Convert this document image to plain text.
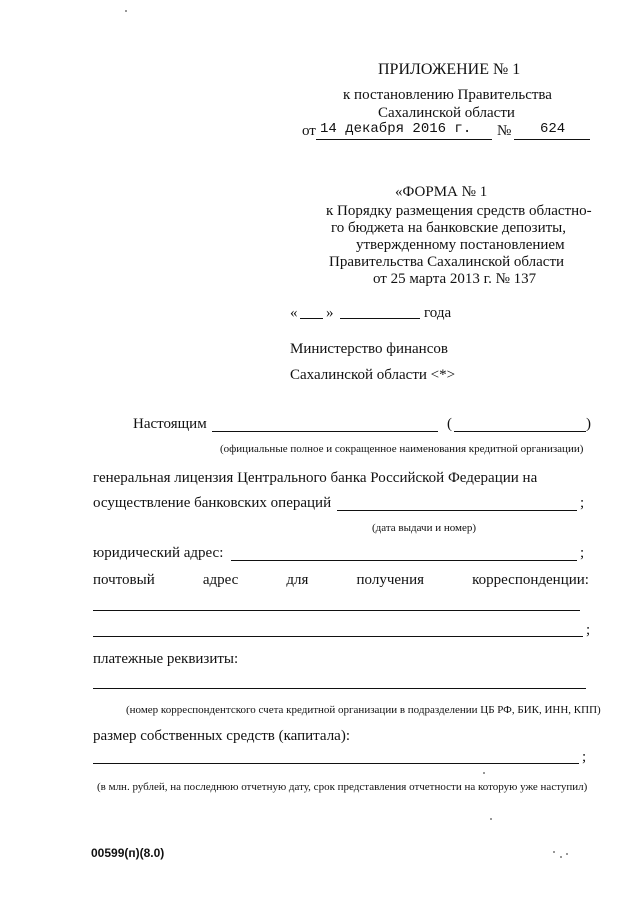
ПРИЛОЖЕНИЕ № 1
к постановлению Правительства
Сахалинской области
от 14 декабря 2016 г. № 624
«ФОРМА № 1
к Порядку размещения средств областно-
го бюджета на банковские депозиты,
утвержденному постановлением
Правительства Сахалинской области
от 25 марта 2013 г. № 137
« »	года
Министерство финансов
Сахалинской области <*>
Настоящим	(	)
(официальные полное и сокращенное наименования кредитной организации)
генеральная лицензия Центрального банка Российской Федерации на
осуществление банковских операций	;
(дата выдачи и номер)
юридический адрес:	;
почтовый	адрес	для	получения	корреспонденции:
;
платежные реквизиты:
(номер корреспондентского счета кредитной организации в подразделении ЦБ РФ, БИК, ИНН, КПП)
размер собственных средств (капитала):
;
(в млн. рублей, на последнюю отчетную дату, срок представления отчетности на которую уже наступил)
00599(п)(8.0)
